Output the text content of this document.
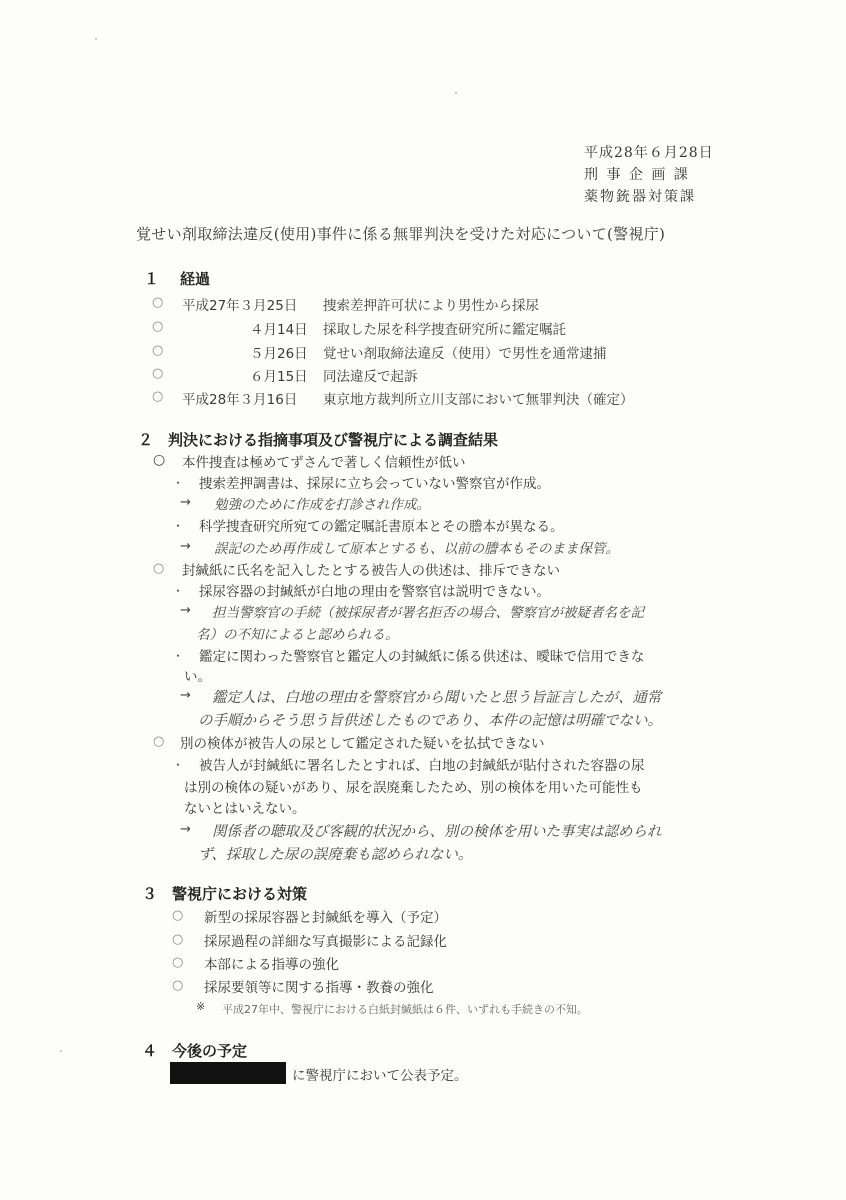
平成28年６月28日
刑 事 企 画 課
薬物銃器対策課
覚せい剤取締法違反(使用)事件に係る無罪判決を受けた対応について(警視庁)
１ 経過
○ 平成27年３月25日 捜索差押許可状により男性から採尿
○	４月14日 採取した尿を科学捜査研究所に鑑定嘱託
○	５月26日 覚せい剤取締法違反（使用）で男性を通常逮捕
○	６月15日 同法違反で起訴
○ 平成28年３月16日 東京地方裁判所立川支部において無罪判決（確定）
２ 判決における指摘事項及び警視庁による調査結果
○ 本件捜査は極めてずさんで著しく信頼性が低い
・ 捜索差押調書は、採尿に立ち会っていない警察官が作成。
→ 勉強のために作成を打診され作成。
・ 科学捜査研究所宛ての鑑定嘱託書原本とその謄本が異なる。
→ 誤記のため再作成して原本とするも、以前の謄本もそのまま保管。
○ 封緘紙に氏名を記入したとする被告人の供述は、排斥できない
・ 採尿容器の封緘紙が白地の理由を警察官は説明できない。
→ 担当警察官の手続（被採尿者が署名拒否の場合、警察官が被疑者名を記
名）の不知によると認められる。
・ 鑑定に関わった警察官と鑑定人の封緘紙に係る供述は、曖昧で信用できな
い。
→ 鑑定人は、白地の理由を警察官から聞いたと思う旨証言したが、通常
の手順からそう思う旨供述したものであり、本件の記憶は明確でない。
○ 別の検体が被告人の尿として鑑定された疑いを払拭できない
・ 被告人が封緘紙に署名したとすれば、白地の封緘紙が貼付された容器の尿
は別の検体の疑いがあり、尿を誤廃棄したため、別の検体を用いた可能性も
ないとはいえない。
→ 関係者の聴取及び客観的状況から、別の検体を用いた事実は認められ
ず、採取した尿の誤廃棄も認められない。
３ 警視庁における対策
○ 新型の採尿容器と封緘紙を導入（予定）
○ 採尿過程の詳細な写真撮影による記録化
○ 本部による指導の強化
○ 採尿要領等に関する指導・教養の強化
※ 平成27年中、警視庁における白紙封緘紙は６件、いずれも手続きの不知。
４ 今後の予定
に警視庁において公表予定。
